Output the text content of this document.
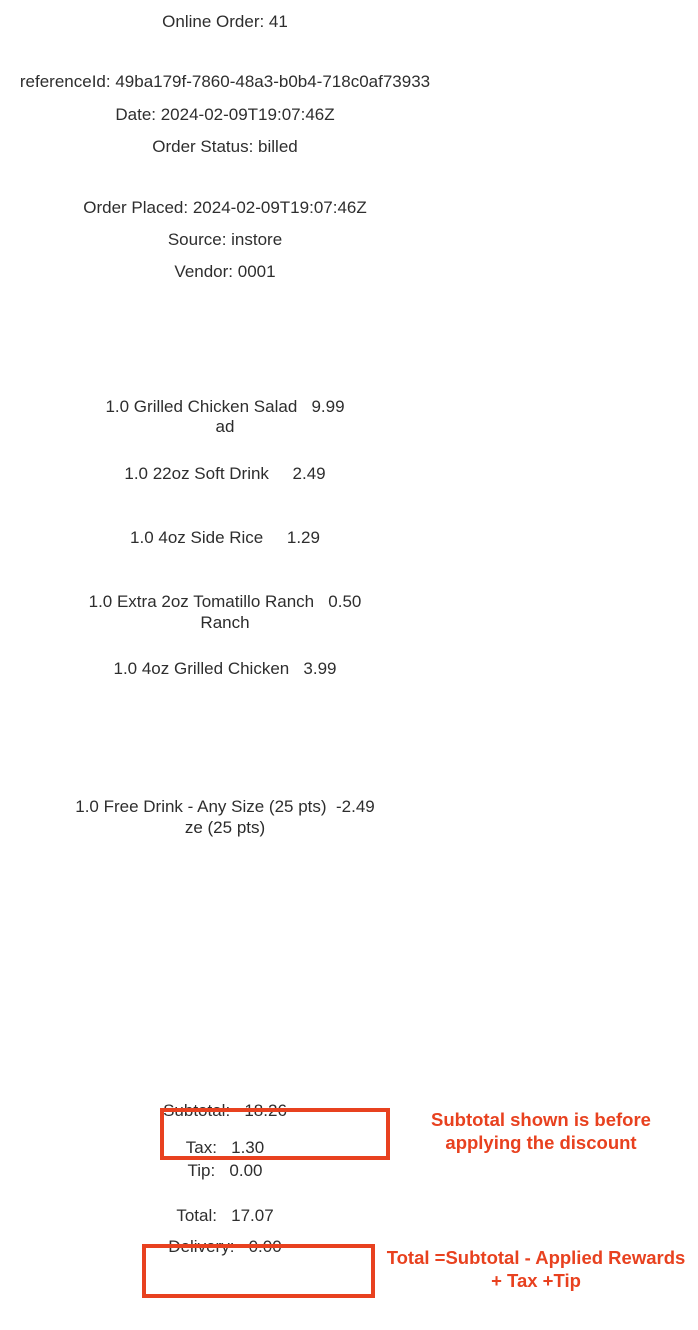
Online Order: 41
referenceId: 49ba179f-7860-48a3-b0b4-718c0af73933
Date: 2024-02-09T19:07:46Z
Order Status: billed
Order Placed: 2024-02-09T19:07:46Z
Source: instore
Vendor: 0001
1.0 Grilled Chicken Salad   9.99
ad
1.0 22oz Soft Drink     2.49
1.0 4oz Side Rice     1.29
1.0 Extra 2oz Tomatillo Ranch   0.50
Ranch
1.0 4oz Grilled Chicken   3.99
1.0 Free Drink - Any Size (25 pts)  -2.49
ze (25 pts)
Subtotal:   18.26
Tax:   1.30
Tip:   0.00
Total:   17.07
Delivery:   0.00
Subtotal shown is before applying the discount
Total =Subtotal - Applied Rewards + Tax +Tip
